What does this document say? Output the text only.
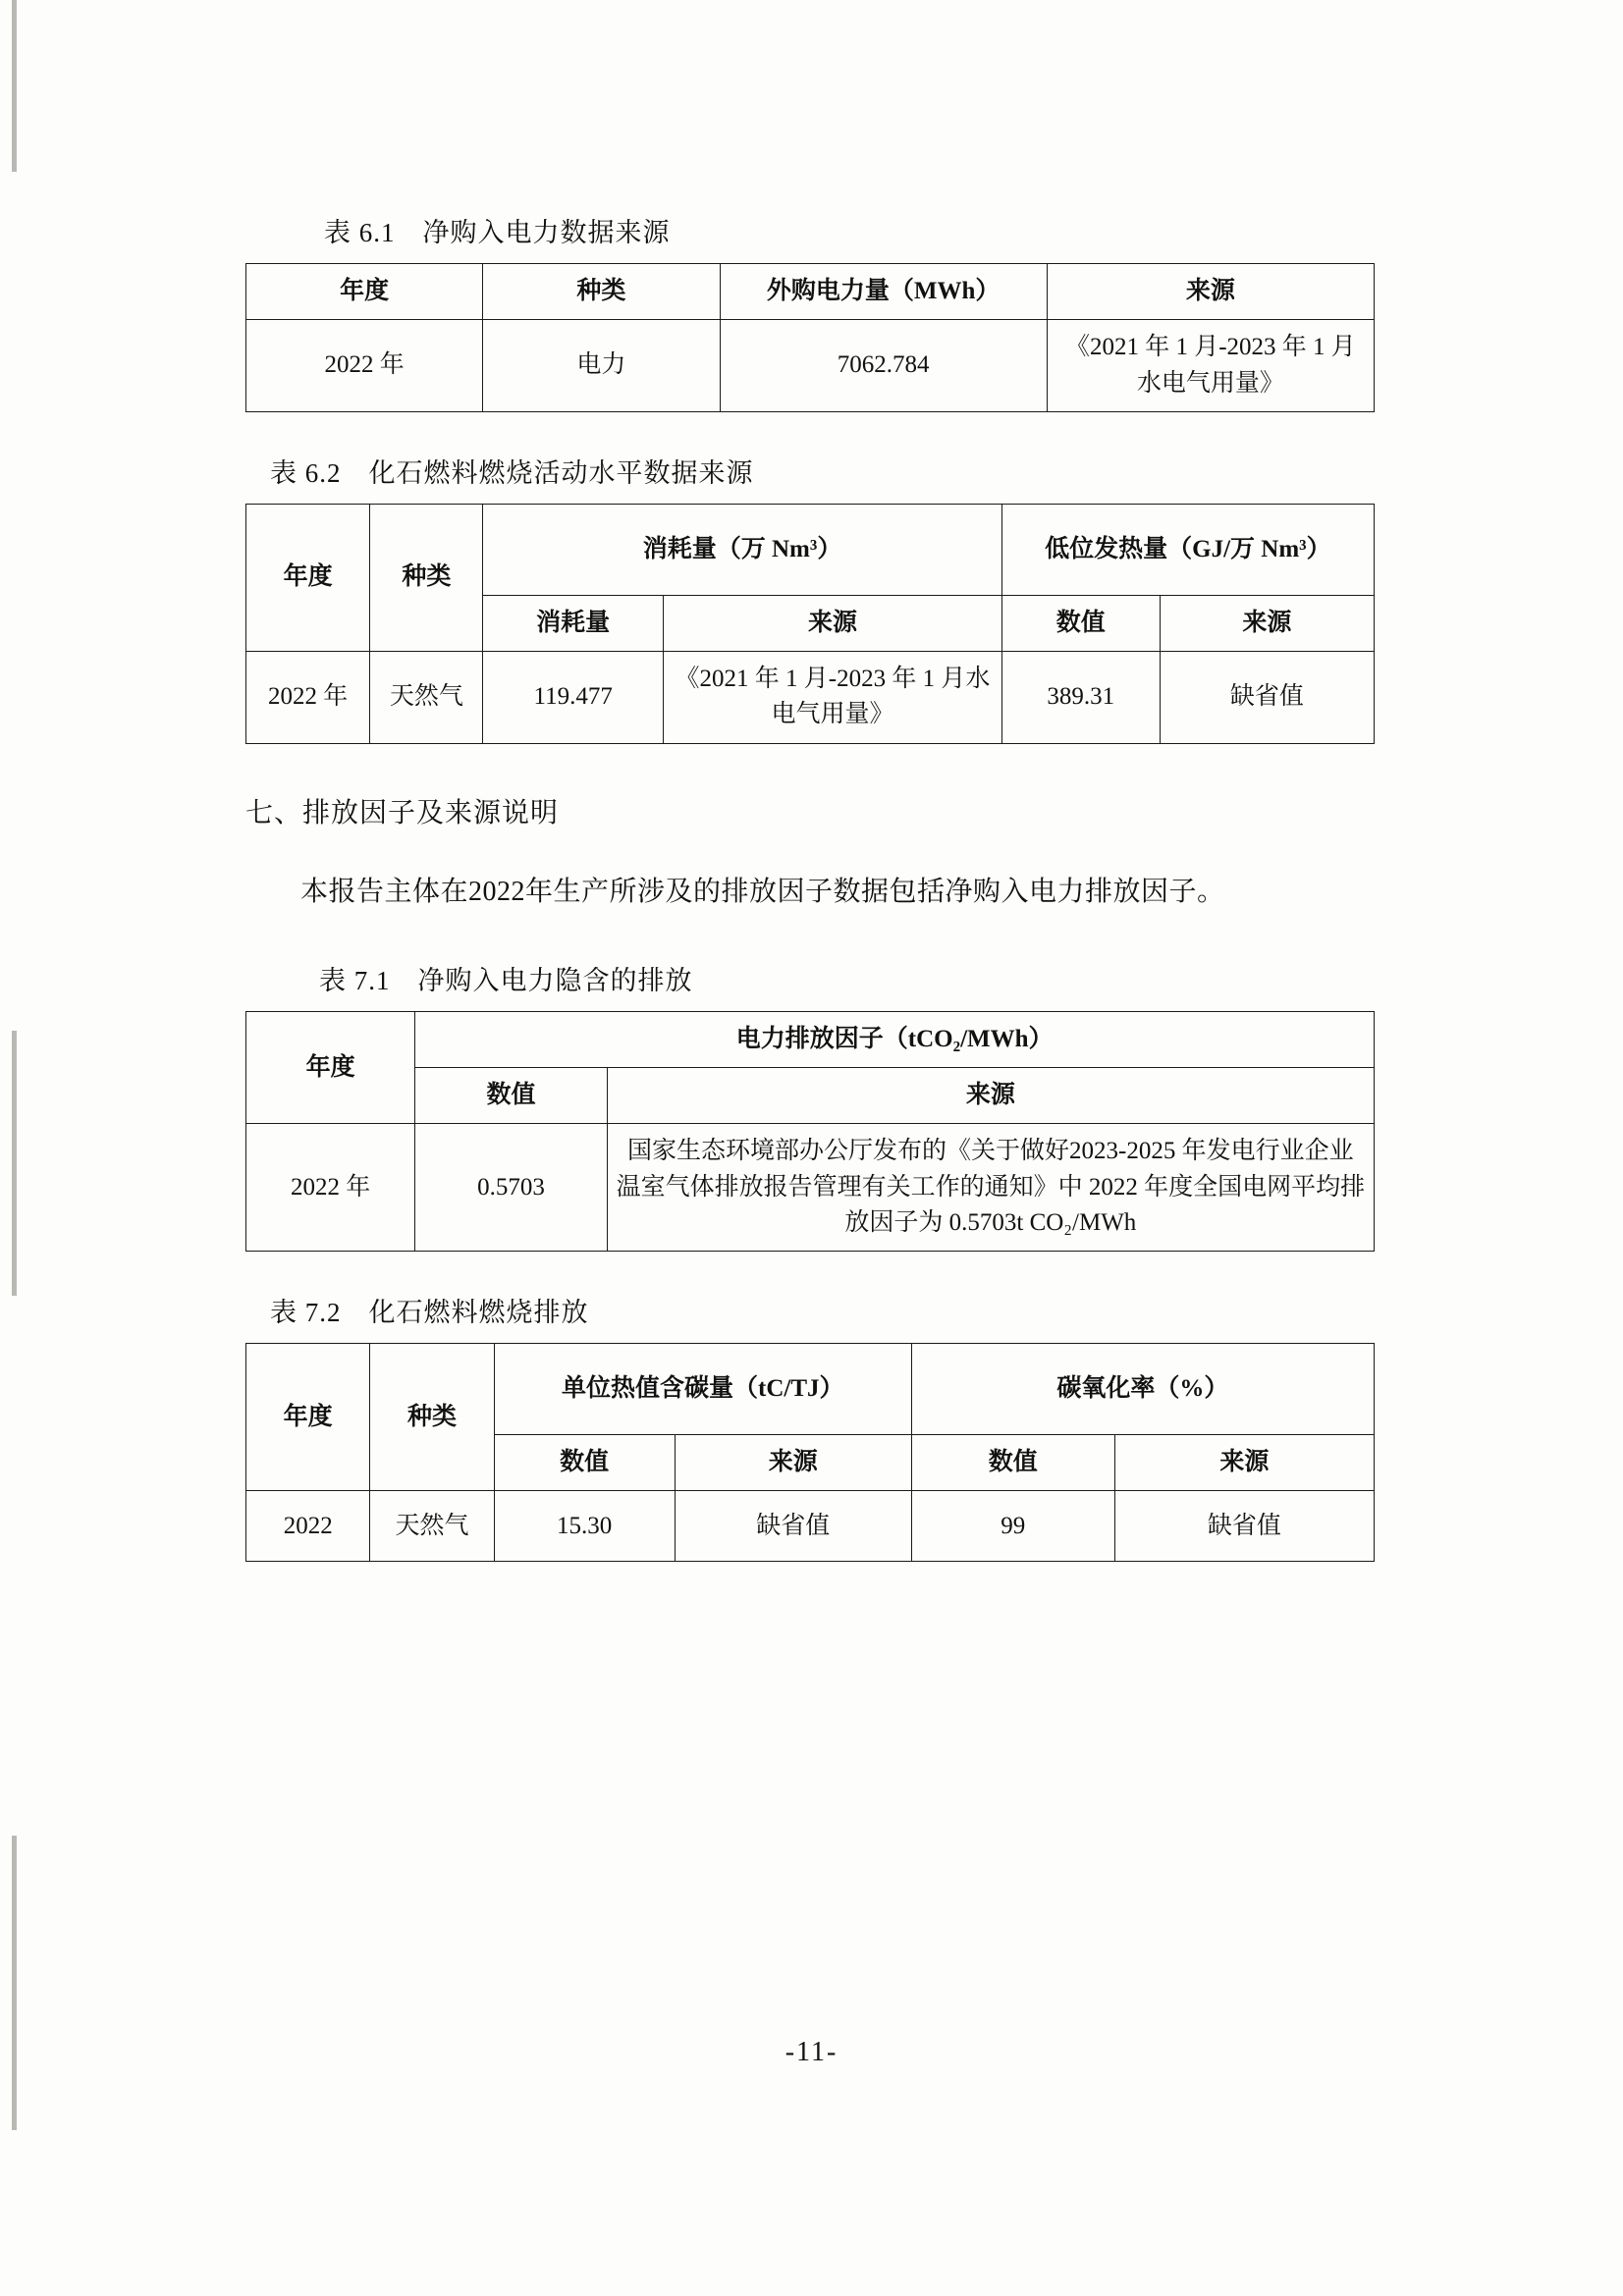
表 6.1　净购入电力数据来源
年度	种类	外购电力量（MWh）	来源
2022 年	电力	7062.784	《2021 年 1 月-2023 年 1 月水电气用量》
表 6.2　化石燃料燃烧活动水平数据来源
年度	种类	消耗量（万 Nm³）		低位发热量（GJ/万 Nm³）	
		消耗量	来源	数值	来源
2022 年	天然气	119.477	《2021 年 1 月-2023 年 1 月水电气用量》	389.31	缺省值
七、排放因子及来源说明

本报告主体在2022年生产所涉及的排放因子数据包括净购入电力排放因子。

表 7.1　净购入电力隐含的排放
年度	电力排放因子（tCO₂/MWh）	
	数值	来源
2022 年	0.5703	国家生态环境部办公厅发布的《关于做好2023-2025 年发电行业企业温室气体排放报告管理有关工作的通知》中 2022 年度全国电网平均排放因子为 0.5703t CO₂/MWh
表 7.2　化石燃料燃烧排放
年度	种类	单位热值含碳量（tC/TJ）		碳氧化率（%）	
		数值	来源	数值	来源
2022	天然气	15.30	缺省值	99	缺省值
-11-
